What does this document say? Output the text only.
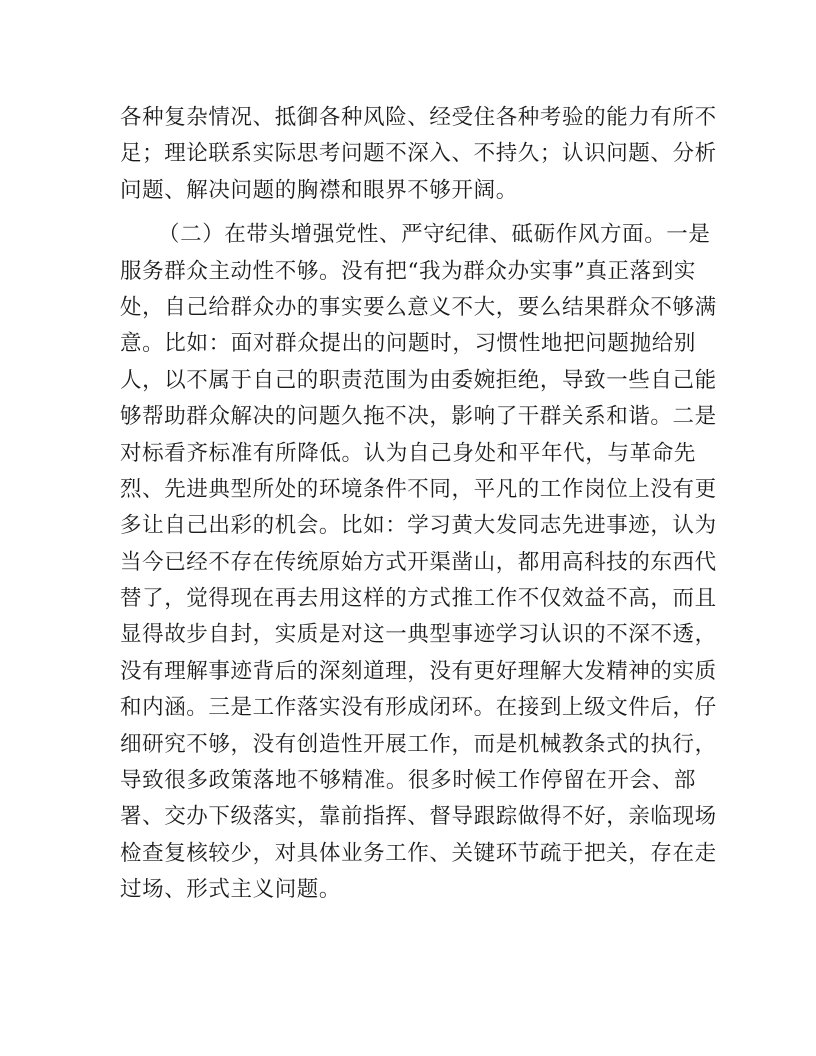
各种复杂情况、抵御各种风险、经受住各种考验的能力有所不
足；理论联系实际思考问题不深入、不持久；认识问题、分析
问题、解决问题的胸襟和眼界不够开阔。
（二）在带头增强党性、严守纪律、砥砺作风方面。一是
服务群众主动性不够。没有把“我为群众办实事”真正落到实
处，自己给群众办的事实要么意义不大，要么结果群众不够满
意。比如：面对群众提出的问题时，习惯性地把问题抛给别
人，以不属于自己的职责范围为由委婉拒绝，导致一些自己能
够帮助群众解决的问题久拖不决，影响了干群关系和谐。二是
对标看齐标准有所降低。认为自己身处和平年代，与革命先
烈、先进典型所处的环境条件不同，平凡的工作岗位上没有更
多让自己出彩的机会。比如：学习黄大发同志先进事迹，认为
当今已经不存在传统原始方式开渠凿山，都用高科技的东西代
替了，觉得现在再去用这样的方式推工作不仅效益不高，而且
显得故步自封，实质是对这一典型事迹学习认识的不深不透，
没有理解事迹背后的深刻道理，没有更好理解大发精神的实质
和内涵。三是工作落实没有形成闭环。在接到上级文件后，仔
细研究不够，没有创造性开展工作，而是机械教条式的执行，
导致很多政策落地不够精准。很多时候工作停留在开会、部
署、交办下级落实，靠前指挥、督导跟踪做得不好，亲临现场
检查复核较少，对具体业务工作、关键环节疏于把关，存在走
过场、形式主义问题。
